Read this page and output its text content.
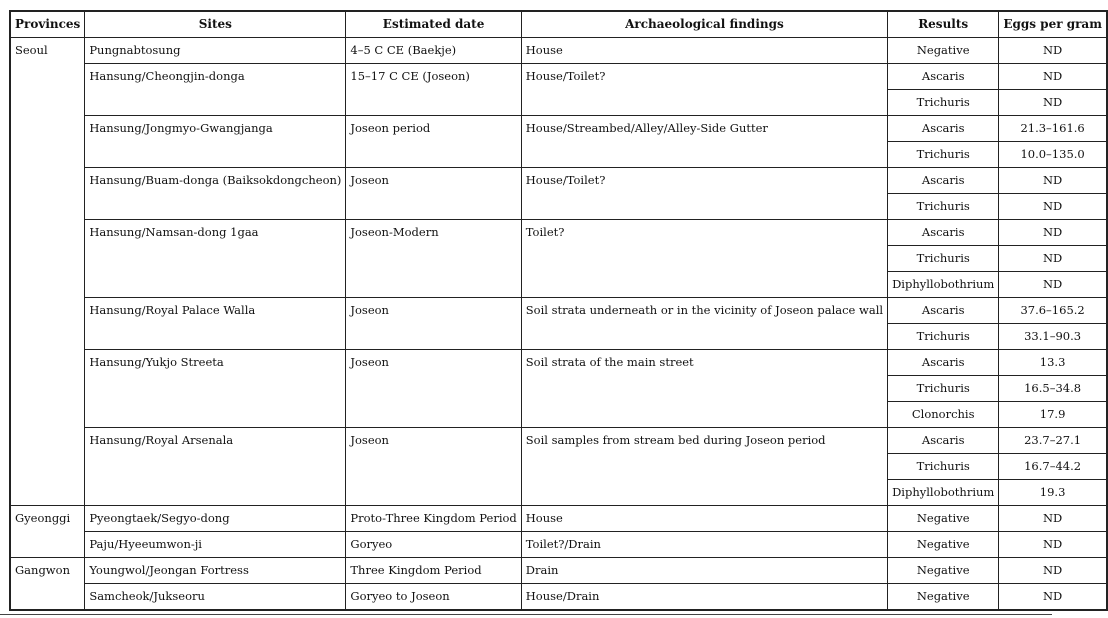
Provinces	Sites	Estimated date	Archaeological findings	Results	Eggs per gram
Seoul	Pungnabtosung	4–5 C CE (Baekje)	House	Negative	ND
	Hansung/Cheongjin-donga	15–17 C CE (Joseon)	House/Toilet?	Ascaris	ND
				Trichuris	ND
	Hansung/Jongmyo-Gwangjanga	Joseon period	House/Streambed/Alley/Alley-Side Gutter	Ascaris	21.3–161.6
				Trichuris	10.0–135.0
	Hansung/Buam-donga (Baiksokdongcheon)	Joseon	House/Toilet?	Ascaris	ND
				Trichuris	ND
	Hansung/Namsan-dong 1gaa	Joseon-Modern	Toilet?	Ascaris	ND
				Trichuris	ND
				Diphyllobothrium	ND
	Hansung/Royal Palace Walla	Joseon	Soil strata underneath or in the vicinity of Joseon palace wall	Ascaris	37.6–165.2
				Trichuris	33.1–90.3
	Hansung/Yukjo Streeta	Joseon	Soil strata of the main street	Ascaris	13.3
				Trichuris	16.5–34.8
				Clonorchis	17.9
	Hansung/Royal Arsenala	Joseon	Soil samples from stream bed during Joseon period	Ascaris	23.7–27.1
				Trichuris	16.7–44.2
				Diphyllobothrium	19.3
Gyeonggi	Pyeongtaek/Segyo-dong	Proto-Three Kingdom Period	House	Negative	ND
	Paju/Hyeeumwon-ji	Goryeo	Toilet?/Drain	Negative	ND
Gangwon	Youngwol/Jeongan Fortress	Three Kingdom Period	Drain	Negative	ND
	Samcheok/Jukseoru	Goryeo to Joseon	House/Drain	Negative	ND
